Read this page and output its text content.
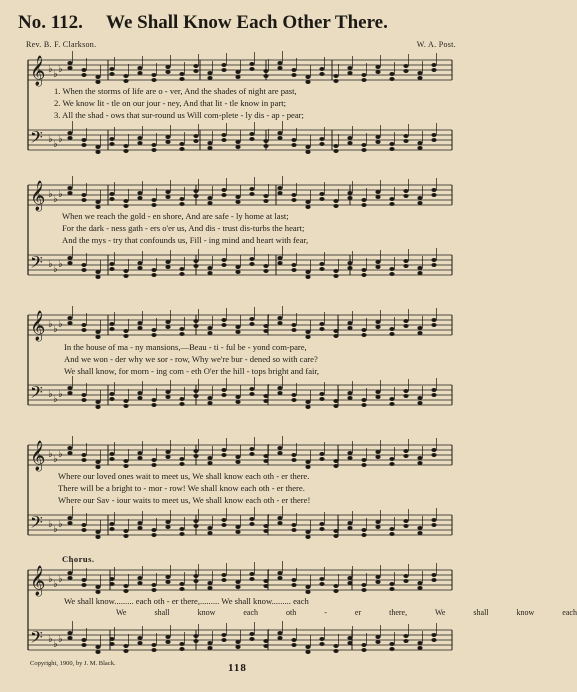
No. 112. We Shall Know Each Other There.
Rev. B. F. Clarkson.	W. A. Post.
𝄞 ♭ ♭ ♭
𝄢 ♭ ♭ ♭
𝄞 ♭ ♭ ♭
𝄢 ♭ ♭ ♭
𝄞 ♭ ♭ ♭
𝄢 ♭ ♭ ♭
𝄞 ♭ ♭ ♭
𝄢 ♭ ♭ ♭
𝄞 ♭ ♭ ♭
𝄢 ♭ ♭ ♭
1. When the storms of life are o - ver, And the shades of night are past,
2. We know lit - tle on our jour - ney, And that lit - tle know in part;
3. All the shad - ows that sur-round us Will com-plete - ly dis - ap - pear;
When we reach the gold - en shore, And are safe - ly home at last;
For the dark - ness gath - ers o'er us, And dis - trust dis-turbs the heart;
And the mys - try that confounds us, Fill - ing mind and heart with fear,
In the house of ma - ny mansions,—Beau - ti - ful be - yond com-pare,
And we won - der why we sor - row, Why we're bur - dened so with care?
We shall know, for morn - ing com - eth O'er the hill - tops bright and fair,
Where our loved ones wait to meet us, We shall know each oth - er there.
There will be a bright to - mor - row! We shall know each oth - er there.
Where our Sav - iour waits to meet us, We shall know each oth - er there!
Chorus.
We shall know......... each oth - er there,......... We shall know......... each
We shall know each oth - er there, We shall know each
Copyright, 1900, by J. M. Black.	118
